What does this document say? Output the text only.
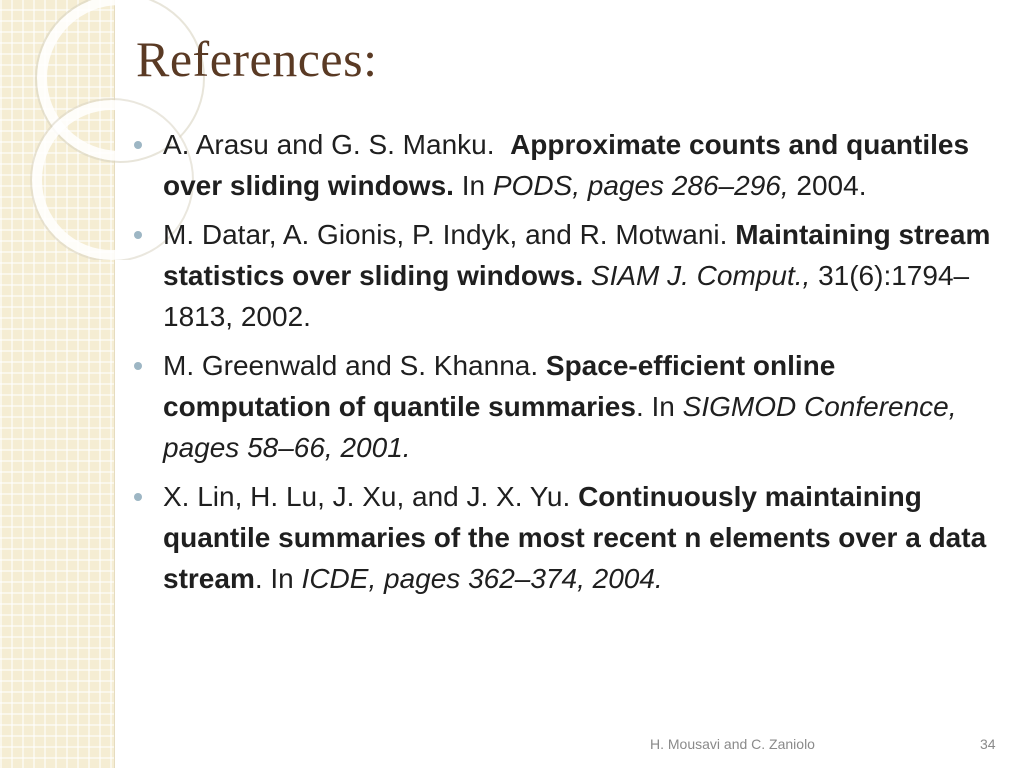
References:
A. Arasu and G. S. Manku. Approximate counts and quantiles over sliding windows. In PODS, pages 286–296, 2004.
M. Datar, A. Gionis, P. Indyk, and R. Motwani. Maintaining stream statistics over sliding windows. SIAM J. Comput., 31(6):1794–1813, 2002.
M. Greenwald and S. Khanna. Space-efficient online computation of quantile summaries. In SIGMOD Conference, pages 58–66, 2001.
X. Lin, H. Lu, J. Xu, and J. X. Yu. Continuously maintaining quantile summaries of the most recent n elements over a data stream. In ICDE, pages 362–374, 2004.
H. Mousavi and C. Zaniolo	34
